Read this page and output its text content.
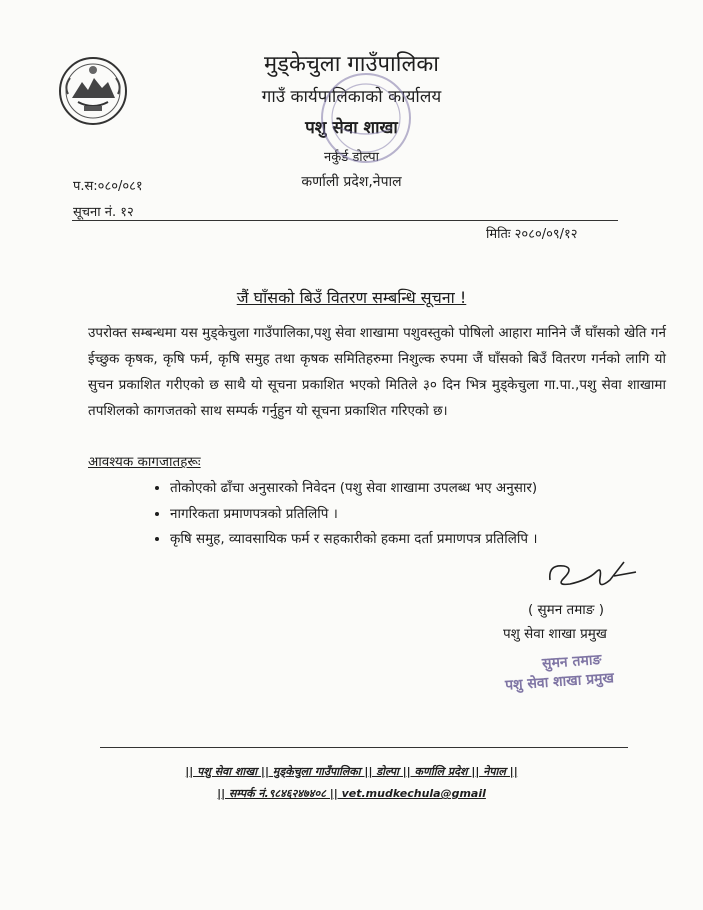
मुड्केचुला गाउँपालिका
गाउँ कार्यपालिकाको कार्यालय
पशु सेवा शाखा
नर्कुर्ड डोल्पा
कर्णाली प्रदेश,नेपाल
प.स:०८०/०८१
सूचना नं. १२
मितिः २०८०/०९/१२
जैं घाँसको बिउँ वितरण सम्बन्धि सूचना !
उपरोक्त सम्बन्धमा यस मुड्केचुला गाउँपालिका,पशु सेवा शाखामा पशुवस्तुको पोषिलो आहारा मानिने जैं घाँसको खेति गर्न ईच्छुक कृषक, कृषि फर्म, कृषि समुह तथा कृषक समितिहरुमा निशुल्क रुपमा जैं घाँसको बिउँ वितरण गर्नको लागि यो सुचन प्रकाशित गरीएको छ साथै यो सूचना प्रकाशित भएको मितिले ३० दिन भित्र मुड्केचुला गा.पा.,पशु सेवा शाखामा तपशिलको कागजतको साथ सम्पर्क गर्नुहुन यो सूचना प्रकाशित गरिएको छ।
आवश्यक कागजातहरूः
• तोकोएको ढाँचा अनुसारको निवेदन (पशु सेवा शाखामा उपलब्ध भए अनुसार)
• नागरिकता प्रमाणपत्रको प्रतिलिपि ।
• कृषि समुह, व्यावसायिक फर्म र सहकारीको हकमा दर्ता प्रमाणपत्र प्रतिलिपि ।
( सुमन तमाङ )
पशु सेवा शाखा प्रमुख
सुमन तमाङ
पशु सेवा शाखा प्रमुख
|| पशु सेवा शाखा || मुड्केचुला गाउँपालिका || डोल्पा || कर्णालि प्रदेश || नेपाल ||
|| सम्पर्क नं.९८४६२४७४०८ || vet.mudkechula@gmail
